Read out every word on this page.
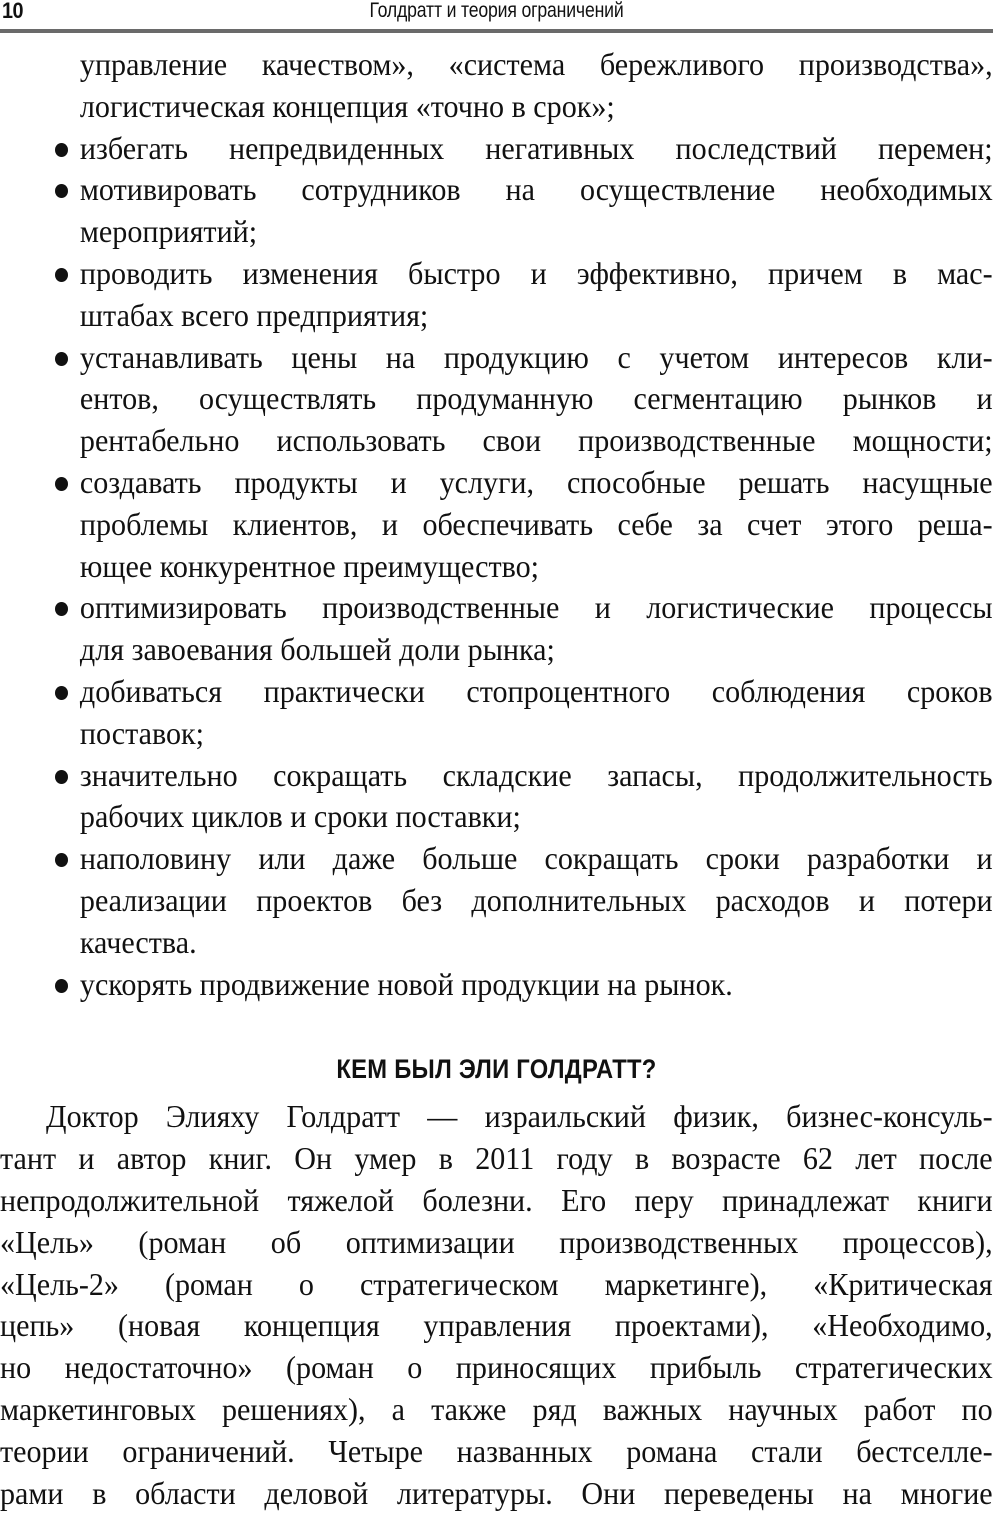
10	Голдратт и теория ограничений
управление качеством», «система бережливого производства»,
логистическая концепция «точно в срок»;
избегать непредвиденных негативных последствий перемен;
мотивировать сотрудников на осуществление необходимых
мероприятий;
проводить изменения быстро и эффективно, причем в мас-
штабах всего предприятия;
устанавливать цены на продукцию с учетом интересов кли-
ентов, осуществлять продуманную сегментацию рынков и
рентабельно использовать свои производственные мощности;
создавать продукты и услуги, способные решать насущные
проблемы клиентов, и обеспечивать себе за счет этого реша-
ющее конкурентное преимущество;
оптимизировать производственные и логистические процессы
для завоевания большей доли рынка;
добиваться практически стопроцентного соблюдения сроков
поставок;
значительно сокращать складские запасы, продолжительность
рабочих циклов и сроки поставки;
наполовину или даже больше сокращать сроки разработки и
реализации проектов без дополнительных расходов и потери
качества.
ускорять продвижение новой продукции на рынок.
КЕМ БЫЛ ЭЛИ ГОЛДРАТТ?
Доктор Элияху Голдратт — израильский физик, бизнес-консуль-
тант и автор книг. Он умер в 2011 году в возрасте 62 лет после
непродолжительной тяжелой болезни. Его перу принадлежат книги
«Цель» (роман об оптимизации производственных процессов),
«Цель-2» (роман о стратегическом маркетинге), «Критическая
цепь» (новая концепция управления проектами), «Необходимо,
но недостаточно» (роман о приносящих прибыль стратегических
маркетинговых решениях), а также ряд важных научных работ по
теории ограничений. Четыре названных романа стали бестселле-
рами в области деловой литературы. Они переведены на многие
